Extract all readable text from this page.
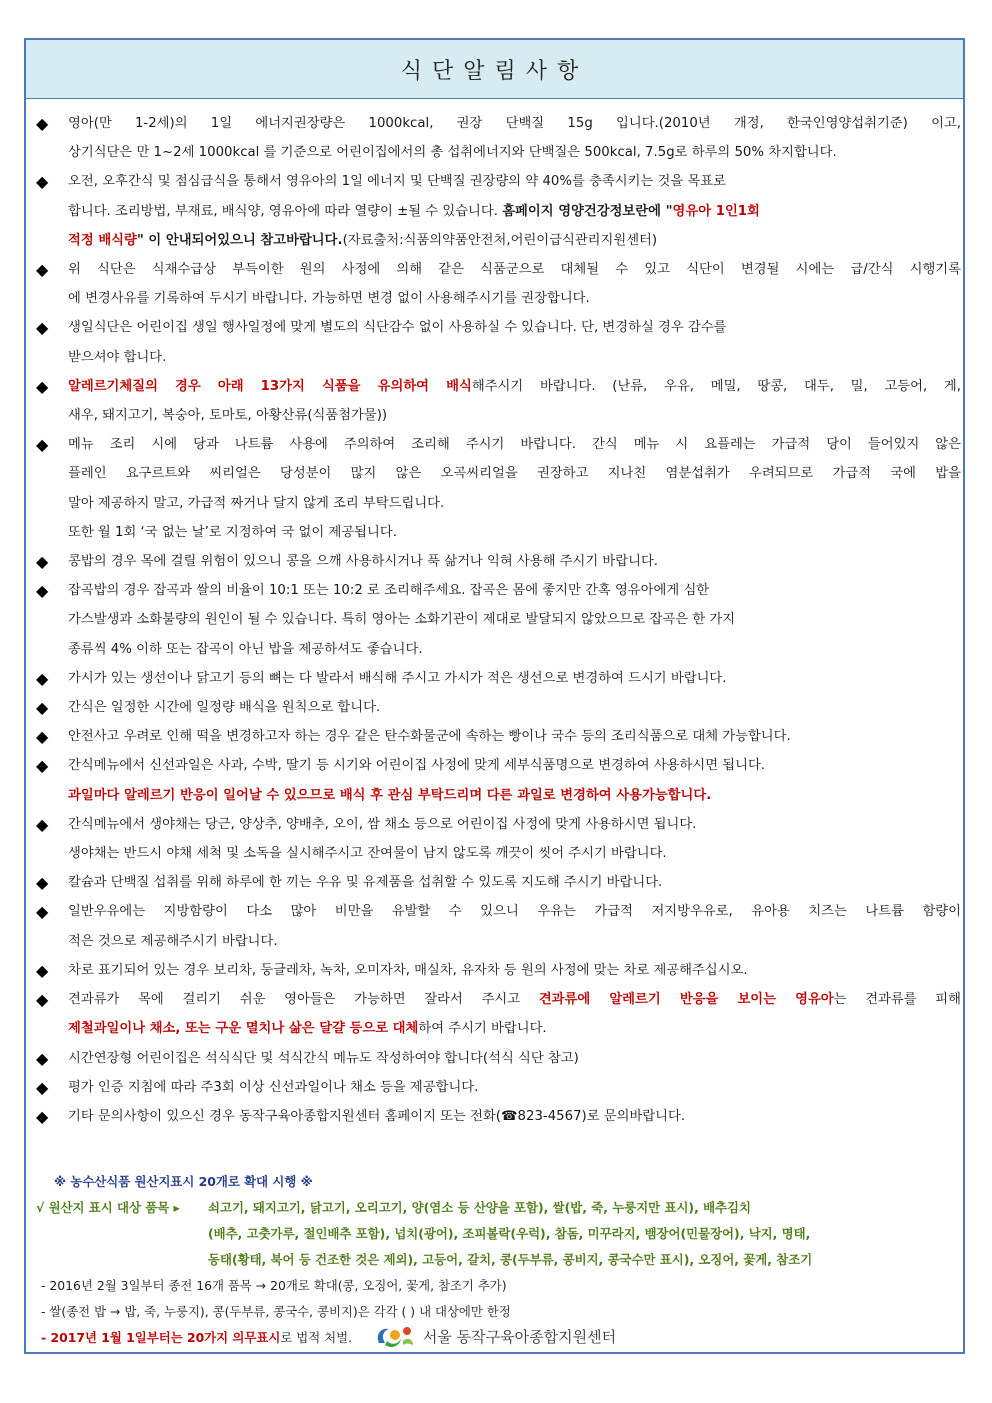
식단알림사항
◆	영아(만 1-2세)의 1일 에너지권장량은 1000kcal, 권장 단백질 15g 입니다.(2010년 개정, 한국인영양섭취기준) 이고,
상기식단은 만 1~2세 1000kcal 를 기준으로 어린이집에서의 총 섭취에너지와 단백질은 500kcal, 7.5g로 하루의 50% 차지합니다.
◆	오전, 오후간식 및 점심급식을 통해서 영유아의 1일 에너지 및 단백질 권장량의 약 40%를 충족시키는 것을 목표로
합니다. 조리방법, 부재료, 배식양, 영유아에 따라 열량이 ±될 수 있습니다. 홈페이지 영양건강정보란에 "영유아 1인1회
적정 배식량" 이 안내되어있으니 참고바랍니다.(자료출처:식품의약품안전처,어린이급식관리지원센터)
◆	위 식단은 식재수급상 부득이한 원의 사정에 의해 같은 식품군으로 대체될 수 있고 식단이 변경될 시에는 급/간식 시행기록
에 변경사유를 기록하여 두시기 바랍니다. 가능하면 변경 없이 사용해주시기를 권장합니다.
◆	생일식단은 어린이집 생일 행사일정에 맞게 별도의 식단감수 없이 사용하실 수 있습니다. 단, 변경하실 경우 감수를
받으셔야 합니다.
◆	알레르기체질의 경우 아래 13가지 식품을 유의하여 배식해주시기 바랍니다. (난류, 우유, 메밀, 땅콩, 대두, 밀, 고등어, 게,
새우, 돼지고기, 복숭아, 토마토, 아황산류(식품첨가물))
◆	메뉴 조리 시에 당과 나트륨 사용에 주의하여 조리해 주시기 바랍니다. 간식 메뉴 시 요플레는 가급적 당이 들어있지 않은
플레인 요구르트와 씨리얼은 당성분이 많지 않은 오곡씨리얼을 권장하고 지나친 염분섭취가 우려되므로 가급적 국에 밥을
말아 제공하지 말고, 가급적 짜거나 달지 않게 조리 부탁드립니다.
또한 월 1회 ‘국 없는 날’로 지정하여 국 없이 제공됩니다.
◆	콩밥의 경우 목에 걸릴 위험이 있으니 콩을 으깨 사용하시거나 푹 삶거나 익혀 사용해 주시기 바랍니다.
◆	잡곡밥의 경우 잡곡과 쌀의 비율이 10:1 또는 10:2 로 조리해주세요. 잡곡은 몸에 좋지만 간혹 영유아에게 심한
가스발생과 소화불량의 원인이 될 수 있습니다. 특히 영아는 소화기관이 제대로 발달되지 않았으므로 잡곡은 한 가지
종류씩 4% 이하 또는 잡곡이 아닌 밥을 제공하셔도 좋습니다.
◆	가시가 있는 생선이나 닭고기 등의 뼈는 다 발라서 배식해 주시고 가시가 적은 생선으로 변경하여 드시기 바랍니다.
◆	간식은 일정한 시간에 일정량 배식을 원칙으로 합니다.
◆	안전사고 우려로 인해 떡을 변경하고자 하는 경우 같은 탄수화물군에 속하는 빵이나 국수 등의 조리식품으로 대체 가능합니다.
◆	간식메뉴에서 신선과일은 사과, 수박, 딸기 등 시기와 어린이집 사정에 맞게 세부식품명으로 변경하여 사용하시면 됩니다.
과일마다 알레르기 반응이 일어날 수 있으므로 배식 후 관심 부탁드리며 다른 과일로 변경하여 사용가능합니다.
◆	간식메뉴에서 생야채는 당근, 양상추, 양배추, 오이, 쌈 채소 등으로 어린이집 사정에 맞게 사용하시면 됩니다.
생야채는 반드시 야채 세척 및 소독을 실시해주시고 잔여물이 남지 않도록 깨끗이 씻어 주시기 바랍니다.
◆	칼슘과 단백질 섭취를 위해 하루에 한 끼는 우유 및 유제품을 섭취할 수 있도록 지도해 주시기 바랍니다.
◆	일반우유에는 지방함량이 다소 많아 비만을 유발할 수 있으니 우유는 가급적 저지방우유로, 유아용 치즈는 나트륨 함량이
적은 것으로 제공해주시기 바랍니다.
◆	차로 표기되어 있는 경우 보리차, 둥글레차, 녹차, 오미자차, 매실차, 유자차 등 원의 사정에 맞는 차로 제공해주십시오.
◆	견과류가 목에 걸리기 쉬운 영아들은 가능하면 잘라서 주시고 견과류에 알레르기 반응을 보이는 영유아는 견과류를 피해
제철과일이나 채소, 또는 구운 멸치나 삶은 달걀 등으로 대체하여 주시기 바랍니다.
◆	시간연장형 어린이집은 석식식단 및 석식간식 메뉴도 작성하여야 합니다(석식 식단 참고)
◆	평가 인증 지침에 따라 주3회 이상 신선과일이나 채소 등을 제공합니다.
◆	기타 문의사항이 있으신 경우 동작구육아종합지원센터 홈페이지 또는 전화(☎823-4567)로 문의바랍니다.
※ 농수산식품 원산지표시 20개로 확대 시행 ※
√ 원산지 표시 대상 품목 ▸	쇠고기, 돼지고기, 닭고기, 오리고기, 양(염소 등 산양을 포함), 쌀(밥, 죽, 누룽지만 표시), 배추김치
(배추, 고춧가루, 절인배추 포함), 넙치(광어), 조피볼락(우럭), 참돔, 미꾸라지, 뱀장어(민물장어), 낙지, 명태,
동태(황태, 북어 등 건조한 것은 제외), 고등어, 갈치, 콩(두부류, 콩비지, 콩국수만 표시), 오징어, 꽃게, 참조기
- 2016년 2월 3일부터 종전 16개 품목 → 20개로 확대(콩, 오징어, 꽃게, 참조기 추가)
- 쌀(종전 밥 → 밥, 죽, 누룽지), 콩(두부류, 콩국수, 콩비지)은 각각 ( ) 내 대상에만 한정
- 2017년 1월 1일부터는 20가지 의무표시로 법적 처벌.	서울 동작구육아종합지원센터
